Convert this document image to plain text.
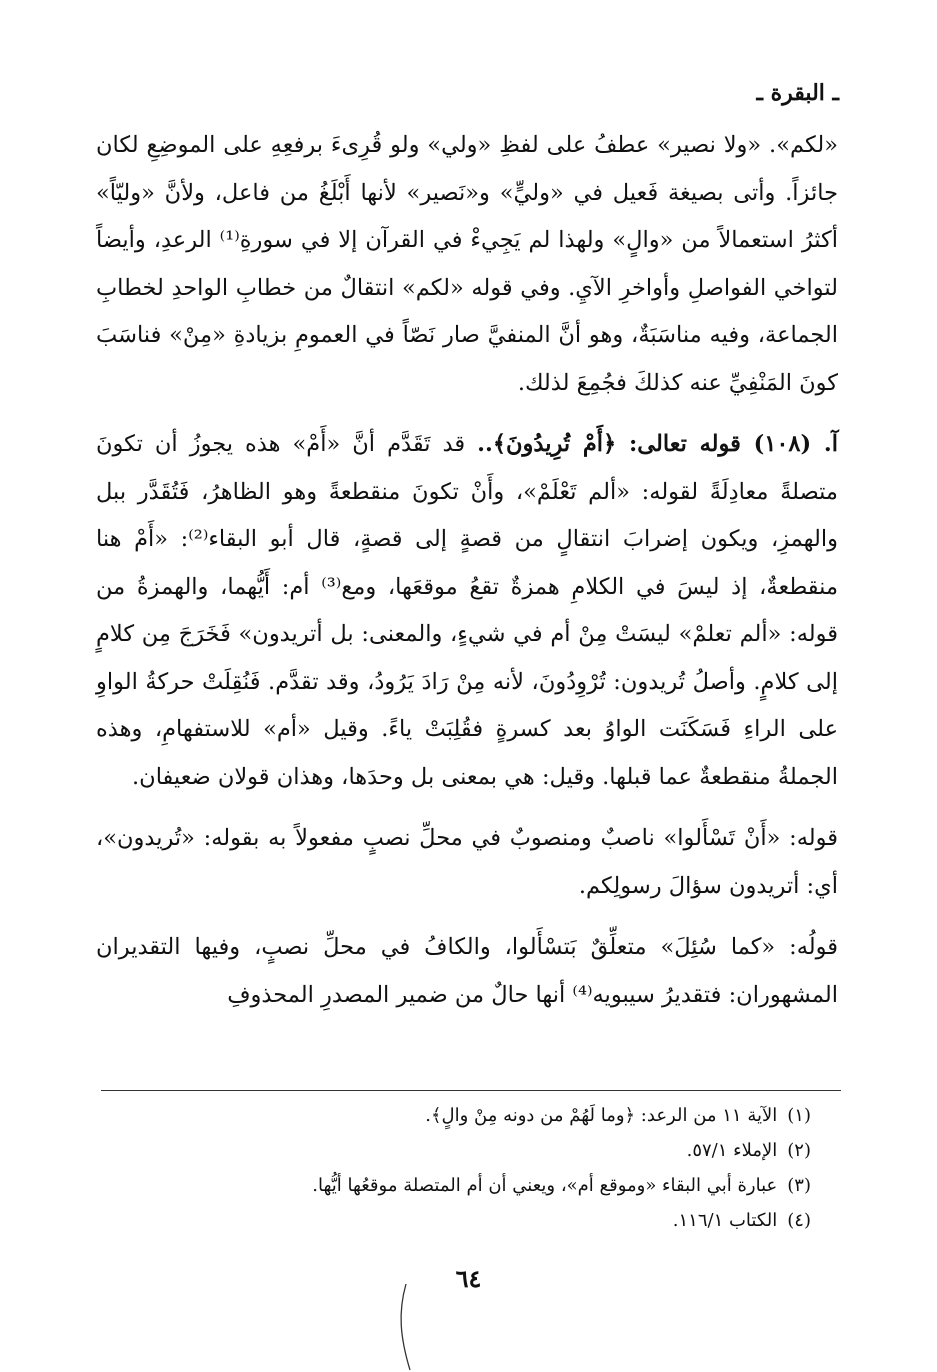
ـ البقرة ـ

«لكم». «ولا نصير» عطفُ على لفظِ «ولي» ولو قُرِىءَ برفعِهِ على الموضِعِ لكان جائزاً. وأتى بصيغة فَعيل في «وليٍّ» و«نَصير» لأنها أَبْلَغُ من فاعل، ولأنَّ «وليّاً» أكثرُ استعمالاً من «والٍ» ولهذا لم يَجِيءْ في القرآن إلا في سورةِ⁽¹⁾ الرعدِ، وأيضاً لتواخي الفواصلِ وأواخرِ الآيِ. وفي قوله «لكم» انتقالٌ من خطابِ الواحدِ لخطابِ الجماعة، وفيه مناسَبَةٌ، وهو أنَّ المنفيَّ صار نَصّاً في العمومِ بزيادةِ «مِنْ» فناسَبَ كونَ المَنْفِيِّ عنه كذلكَ فجُمِعَ لذلك.

آ. (١٠٨) قوله تعالى: ﴿أَمْ تُرِيدُونَ﴾.. قد تَقَدَّم أنَّ «أَمْ» هذه يجوزُ أن تكونَ متصلةً معادِلَةً لقوله: «ألم تَعْلَمْ»، وأَنْ تكونَ منقطعةً وهو الظاهرُ، فَتُقَدَّر ببل والهمزِ، ويكون إضرابَ انتقالٍ من قصةٍ إلى قصةٍ، قال أبو البقاء⁽²⁾: «أَمْ هنا منقطعةٌ، إذ ليسَ في الكلامِ همزةٌ تقعُ موقعَها، ومع⁽³⁾ أم: أَيُّهما، والهمزةُ من قوله: «ألم تعلمْ» ليسَتْ مِنْ أم في شيءٍ، والمعنى: بل أتريدون» فَخَرَجَ مِن كلامٍ إلى كلامٍ. وأصلُ تُريدون: تُرْوِدُونَ، لأنه مِنْ رَادَ يَرُودُ، وقد تقدَّم. فَنُقِلَتْ حركةُ الواوِ على الراءِ فَسَكَنَت الواوُ بعد كسرةٍ فقُلِبَتْ ياءً. وقيل «أم» للاستفهامِ، وهذه الجملةُ منقطعةٌ عما قبلها. وقيل: هي بمعنى بل وحدَها، وهذان قولان ضعيفان.

قوله: «أَنْ تَسْأَلوا» ناصبٌ ومنصوبٌ في محلِّ نصبٍ مفعولاً به بقوله: «تُريدون»، أي: أتريدون سؤالَ رسولِكم.

قولُه: «كما سُئِلَ» متعلِّقٌ بَتسْأَلوا، والكافُ في محلِّ نصبٍ، وفيها التقديران المشهوران: فتقديرُ سيبويه⁽⁴⁾ أنها حالٌ من ضمير المصدرِ المحذوفِ

(١)الآية ١١ من الرعد: ﴿وما لَهُمْ من دونه مِنْ والٍ﴾.

(٢)الإملاء ٥٧/١.

(٣)عبارة أبي البقاء «وموقع أم»، ويعني أن أم المتصلة موقعُها أيُّها.

(٤)الكتاب ١١٦/١.

٦٤
